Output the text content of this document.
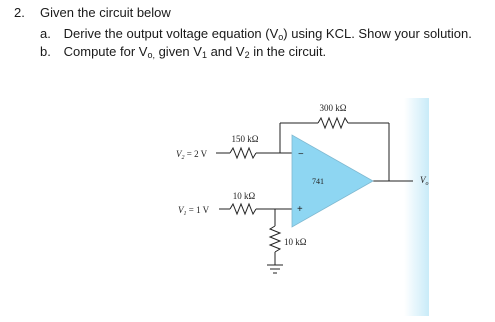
2. Given the circuit below
a. Derive the output voltage equation $(V_o)$ using KCL. Show your solution.
b. Compute for $V_{o,}$ given $V_1$ and $V_2$ in the circuit.
300 kΩ
150 kΩ
10 kΩ
10 kΩ
$V_2 = 2$ V
$V_1 = 1$ V
−
+
741	$V_o$
